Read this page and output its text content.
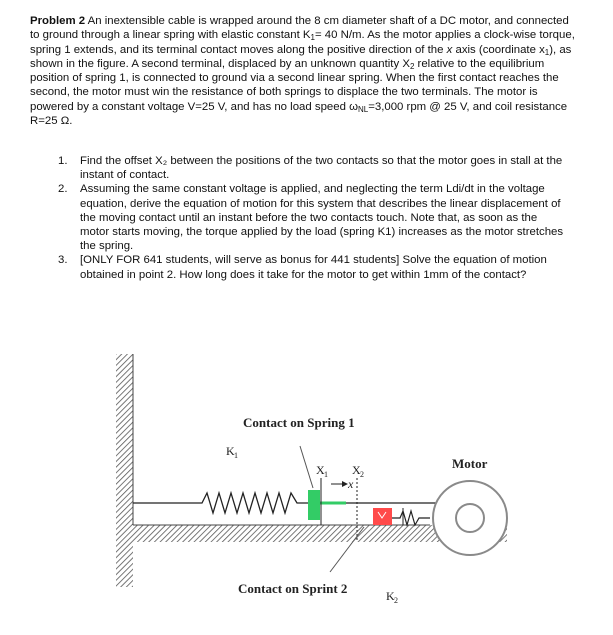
Problem 2 An inextensible cable is wrapped around the 8 cm diameter shaft of a DC motor, and connected to ground through a linear spring with elastic constant $K_1= 40$ N/m. As the motor applies a clock-wise torque, spring 1 extends, and its terminal contact moves along the positive direction of the x axis (coordinate $x_1$), as shown in the figure. A second terminal, displaced by an unknown quantity $X_2$ relative to the equilibrium position of spring 1, is connected to ground via a second linear spring. When the first contact reaches the second, the motor must win the resistance of both springs to displace the two terminals. The motor is powered by a constant voltage V=25 V, and has no load speed $\omega_{NL}=3,000$ rpm @ 25 V, and coil resistance R=25 Ω.

1. Find the offset X₂ between the positions of the two contacts so that the motor goes in stall at the instant of contact.

2. Assuming the same constant voltage is applied, and neglecting the term Ldi/dt in the voltage equation, derive the equation of motion for this system that describes the linear displacement of the moving contact until an instant before the two contacts touch. Note that, as soon as the motor starts moving, the torque applied by the load (spring K1) increases as the motor stretches the spring.

3. [ONLY FOR 641 students, will serve as bonus for 441 students] Solve the equation of motion obtained in point 2. How long does it take for the motor to get within 1mm of the contact?

Contact on Spring 1
Contact on Sprint 2
Motor
K 1
K 2
X 1 X 2
x
